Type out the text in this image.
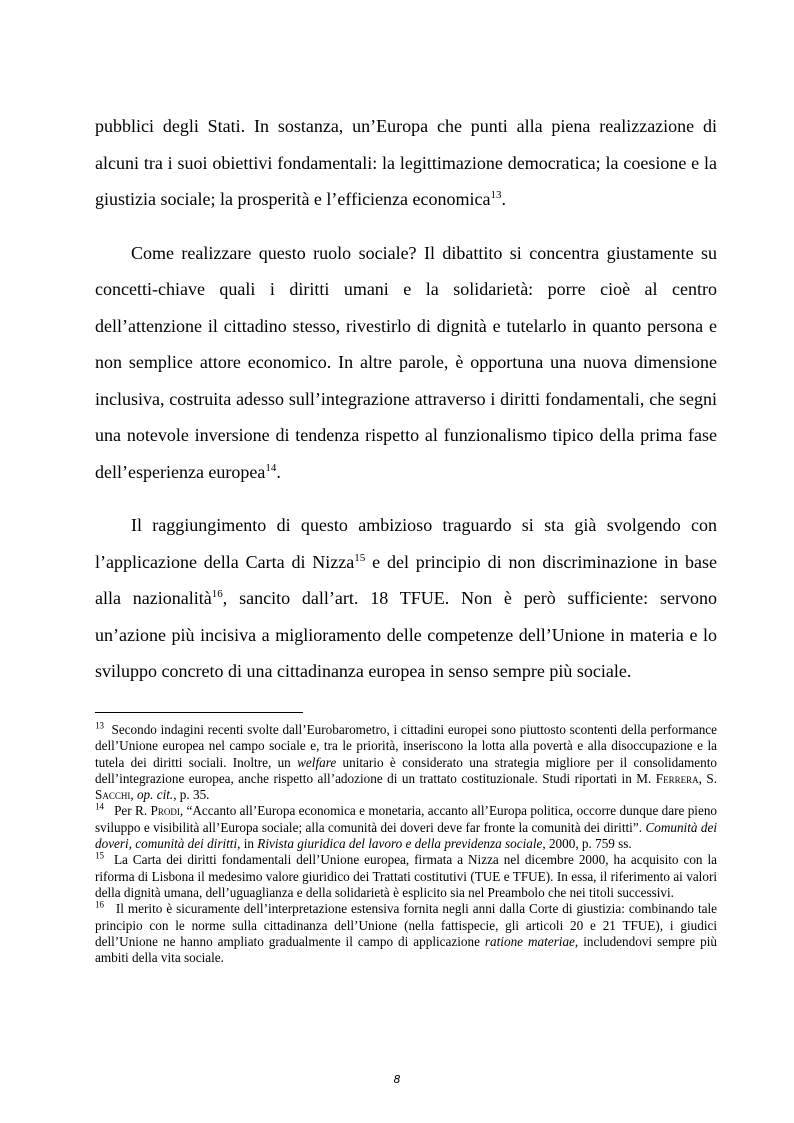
pubblici degli Stati. In sostanza, un’Europa che punti alla piena realizzazione di alcuni tra i suoi obiettivi fondamentali: la legittimazione democratica; la coesione e la giustizia sociale; la prosperità e l’efficienza economica$^{13}$.

Come realizzare questo ruolo sociale? Il dibattito si concentra giustamente su concetti-chiave quali i diritti umani e la solidarietà: porre cioè al centro dell’attenzione il cittadino stesso, rivestirlo di dignità e tutelarlo in quanto persona e non semplice attore economico. In altre parole, è opportuna una nuova dimensione inclusiva, costruita adesso sull’integrazione attraverso i diritti fondamentali, che segni una notevole inversione di tendenza rispetto al funzionalismo tipico della prima fase dell’esperienza europea$^{14}$.

Il raggiungimento di questo ambizioso traguardo si sta già svolgendo con l’applicazione della Carta di Nizza$^{15}$ e del principio di non discriminazione in base alla nazionalità$^{16}$, sancito dall’art. 18 TFUE. Non è però sufficiente: servono un’azione più incisiva a miglioramento delle competenze dell’Unione in materia e lo sviluppo concreto di una cittadinanza europea in senso sempre più sociale.

$^{13}$ Secondo indagini recenti svolte dall’Eurobarometro, i cittadini europei sono piuttosto scontenti della performance dell’Unione europea nel campo sociale e, tra le priorità, inseriscono la lotta alla povertà e alla disoccupazione e la tutela dei diritti sociali. Inoltre, un welfare unitario è considerato una strategia migliore per il consolidamento dell’integrazione europea, anche rispetto all’adozione di un trattato costituzionale. Studi riportati in M. Ferrera, S. Sacchi, op. cit., p. 35.

$^{14}$ Per R. Prodi, “Accanto all’Europa economica e monetaria, accanto all’Europa politica, occorre dunque dare pieno sviluppo e visibilità all’Europa sociale; alla comunità dei doveri deve far fronte la comunità dei diritti”. Comunità dei doveri, comunità dei diritti, in Rivista giuridica del lavoro e della previdenza sociale, 2000, p. 759 ss.

$^{15}$ La Carta dei diritti fondamentali dell’Unione europea, firmata a Nizza nel dicembre 2000, ha acquisito con la riforma di Lisbona il medesimo valore giuridico dei Trattati costitutivi (TUE e TFUE). In essa, il riferimento ai valori della dignità umana, dell’uguaglianza e della solidarietà è esplicito sia nel Preambolo che nei titoli successivi.

$^{16}$ Il merito è sicuramente dell’interpretazione estensiva fornita negli anni dalla Corte di giustizia: combinando tale principio con le norme sulla cittadinanza dell’Unione (nella fattispecie, gli articoli 20 e 21 TFUE), i giudici dell’Unione ne hanno ampliato gradualmente il campo di applicazione ratione materiae, includendovi sempre più ambiti della vita sociale.

8
